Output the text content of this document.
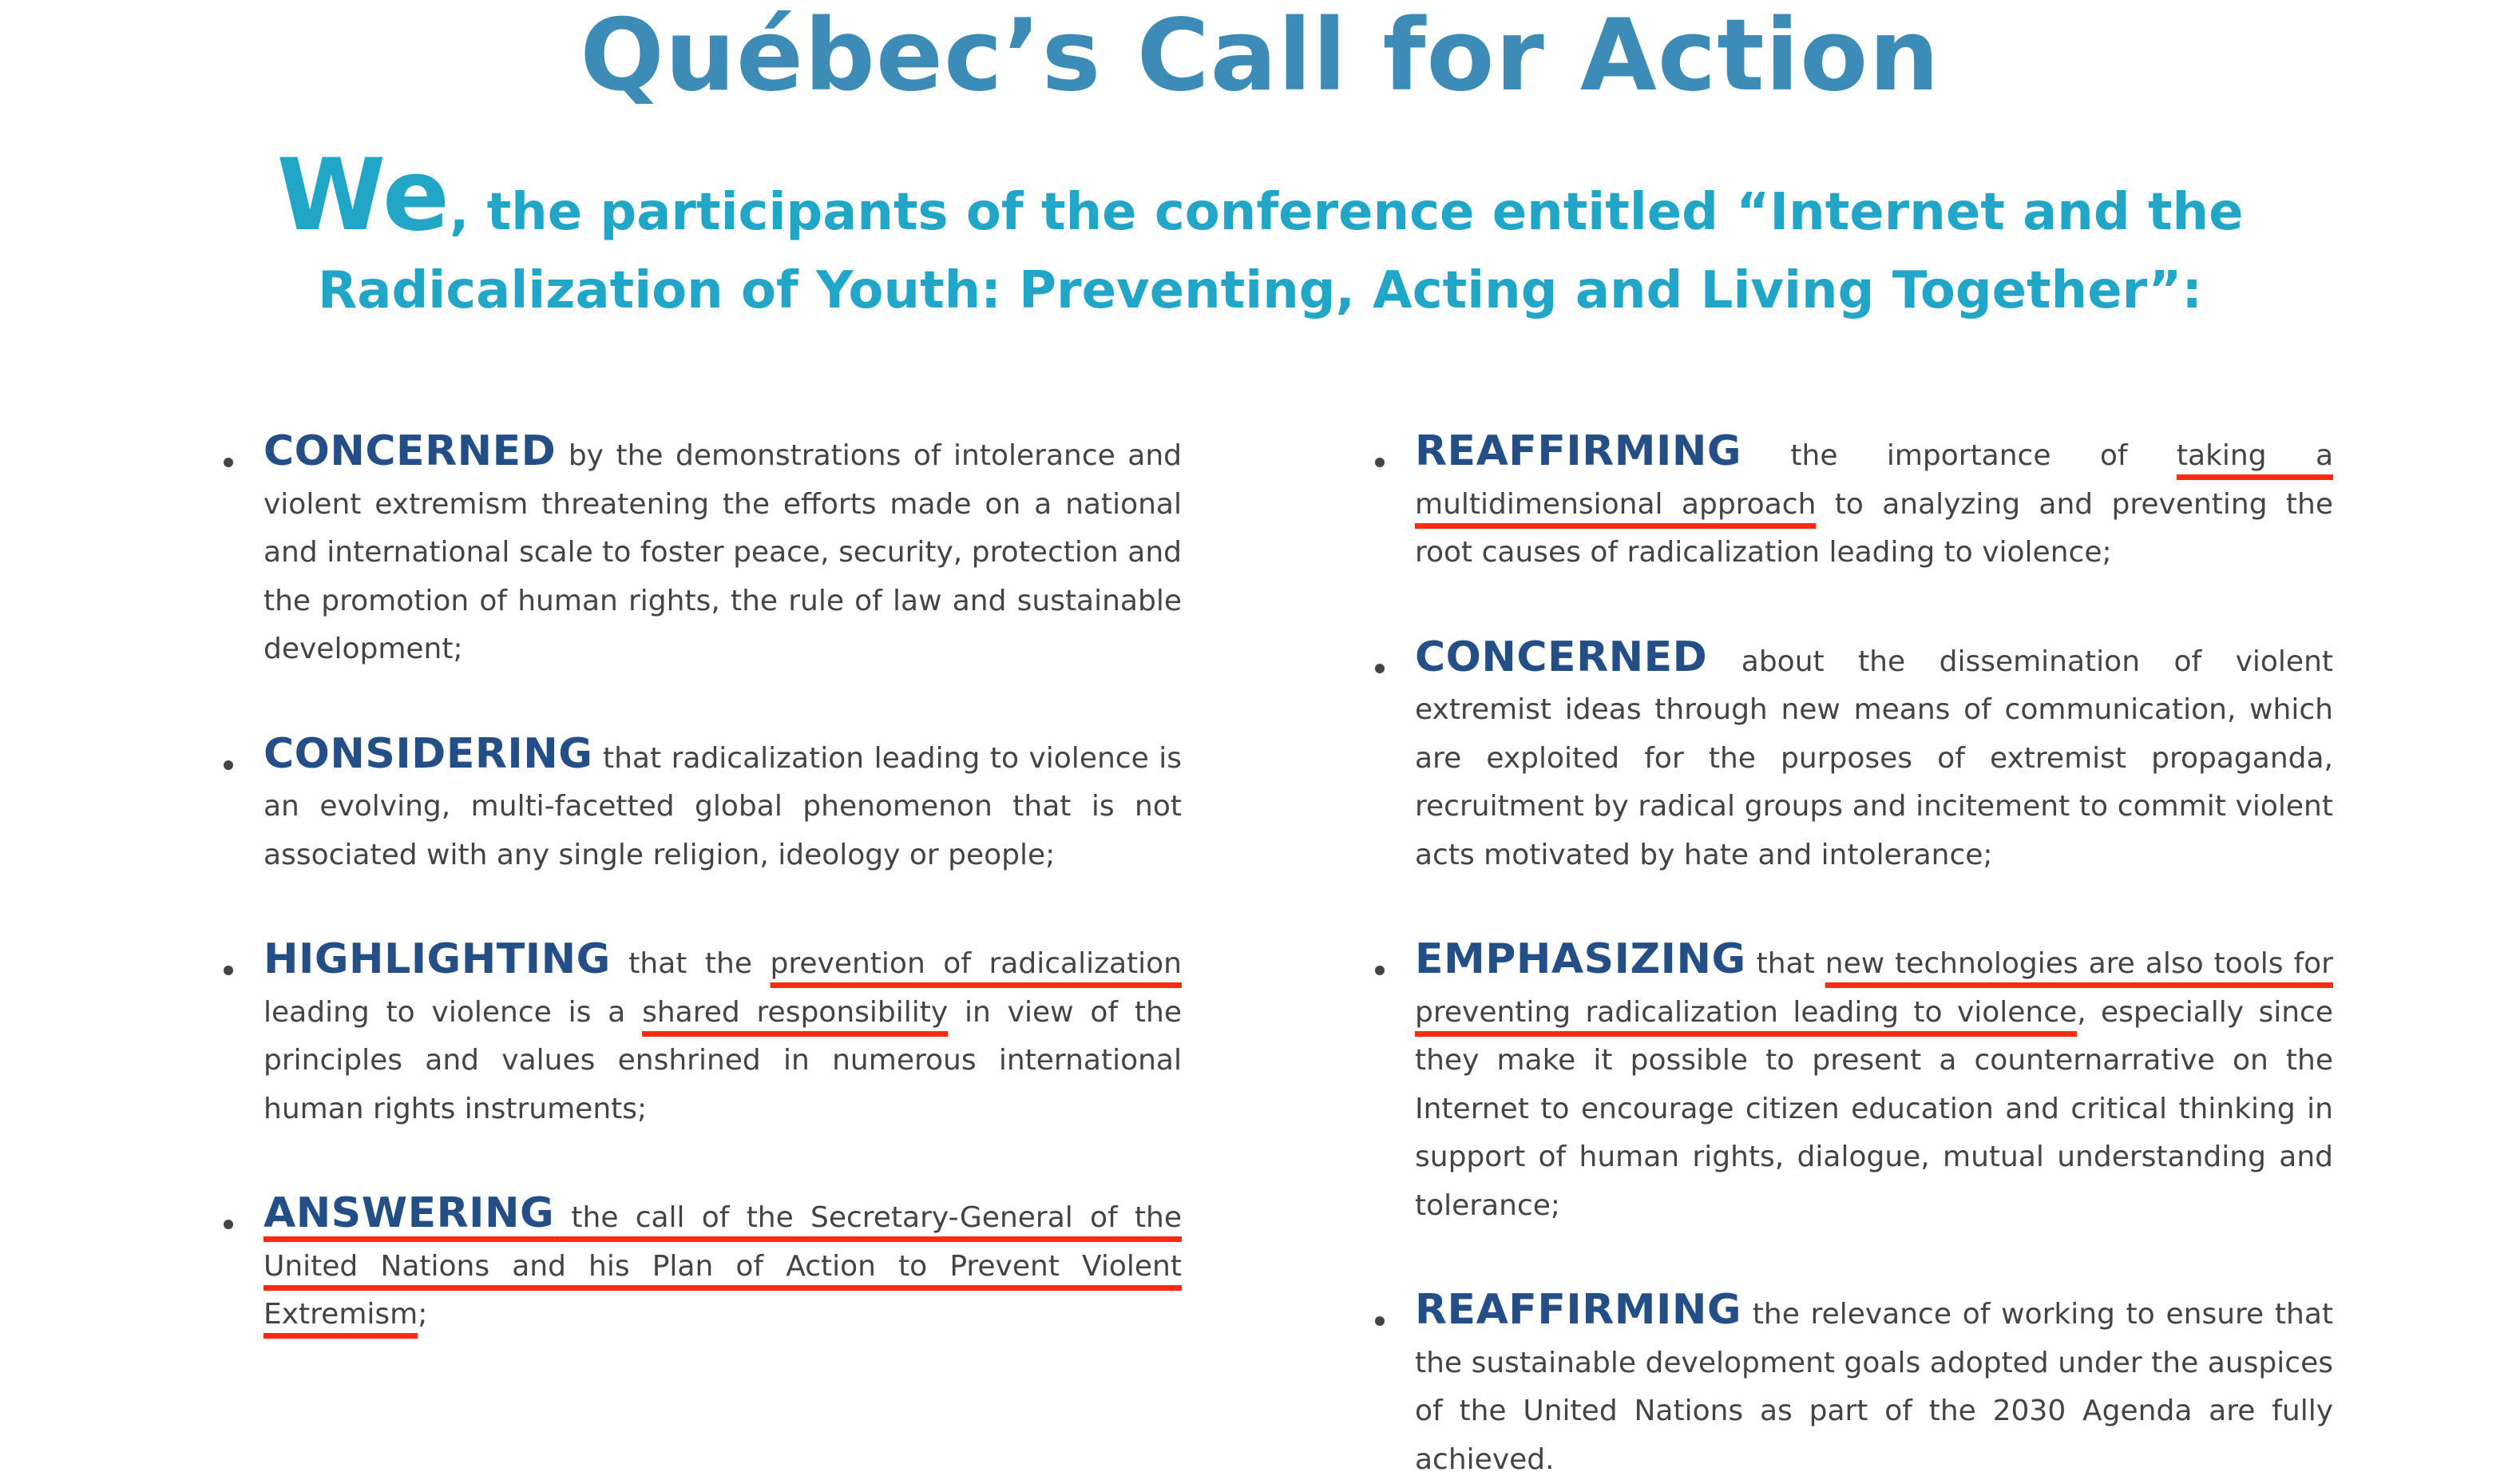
Québec’s Call for Action

We, the participants of the conference entitled “Internet and the Radicalization of Youth: Preventing, Acting and Living Together”:

CONCERNED by the demonstrations of intolerance and violent extremism threatening the efforts made on a national and international scale to foster peace, security, protection and the promotion of human rights, the rule of law and sustainable development;
CONSIDERING that radicalization leading to violence is an evolving, multi-facetted global phenomenon that is not associated with any single religion, ideology or people;
HIGHLIGHTING that the prevention of radicalization leading to violence is a shared responsibility in view of the principles and values enshrined in numerous international human rights instruments;
ANSWERING the call of the Secretary-General of the United Nations and his Plan of Action to Prevent Violent Extremism;
REAFFIRMING the importance of taking a multidimensional approach to analyzing and preventing the root causes of radicalization leading to violence;
CONCERNED about the dissemination of violent extremist ideas through new means of communication, which are exploited for the purposes of extremist propaganda, recruitment by radical groups and incitement to commit violent acts motivated by hate and intolerance;
EMPHASIZING that new technologies are also tools for preventing radicalization leading to violence, especially since they make it possible to present a counternarrative on the Internet to encourage citizen education and critical thinking in support of human rights, dialogue, mutual understanding and tolerance;
REAFFIRMING the relevance of working to ensure that the sustainable development goals adopted under the auspices of the United Nations as part of the 2030 Agenda are fully achieved.
